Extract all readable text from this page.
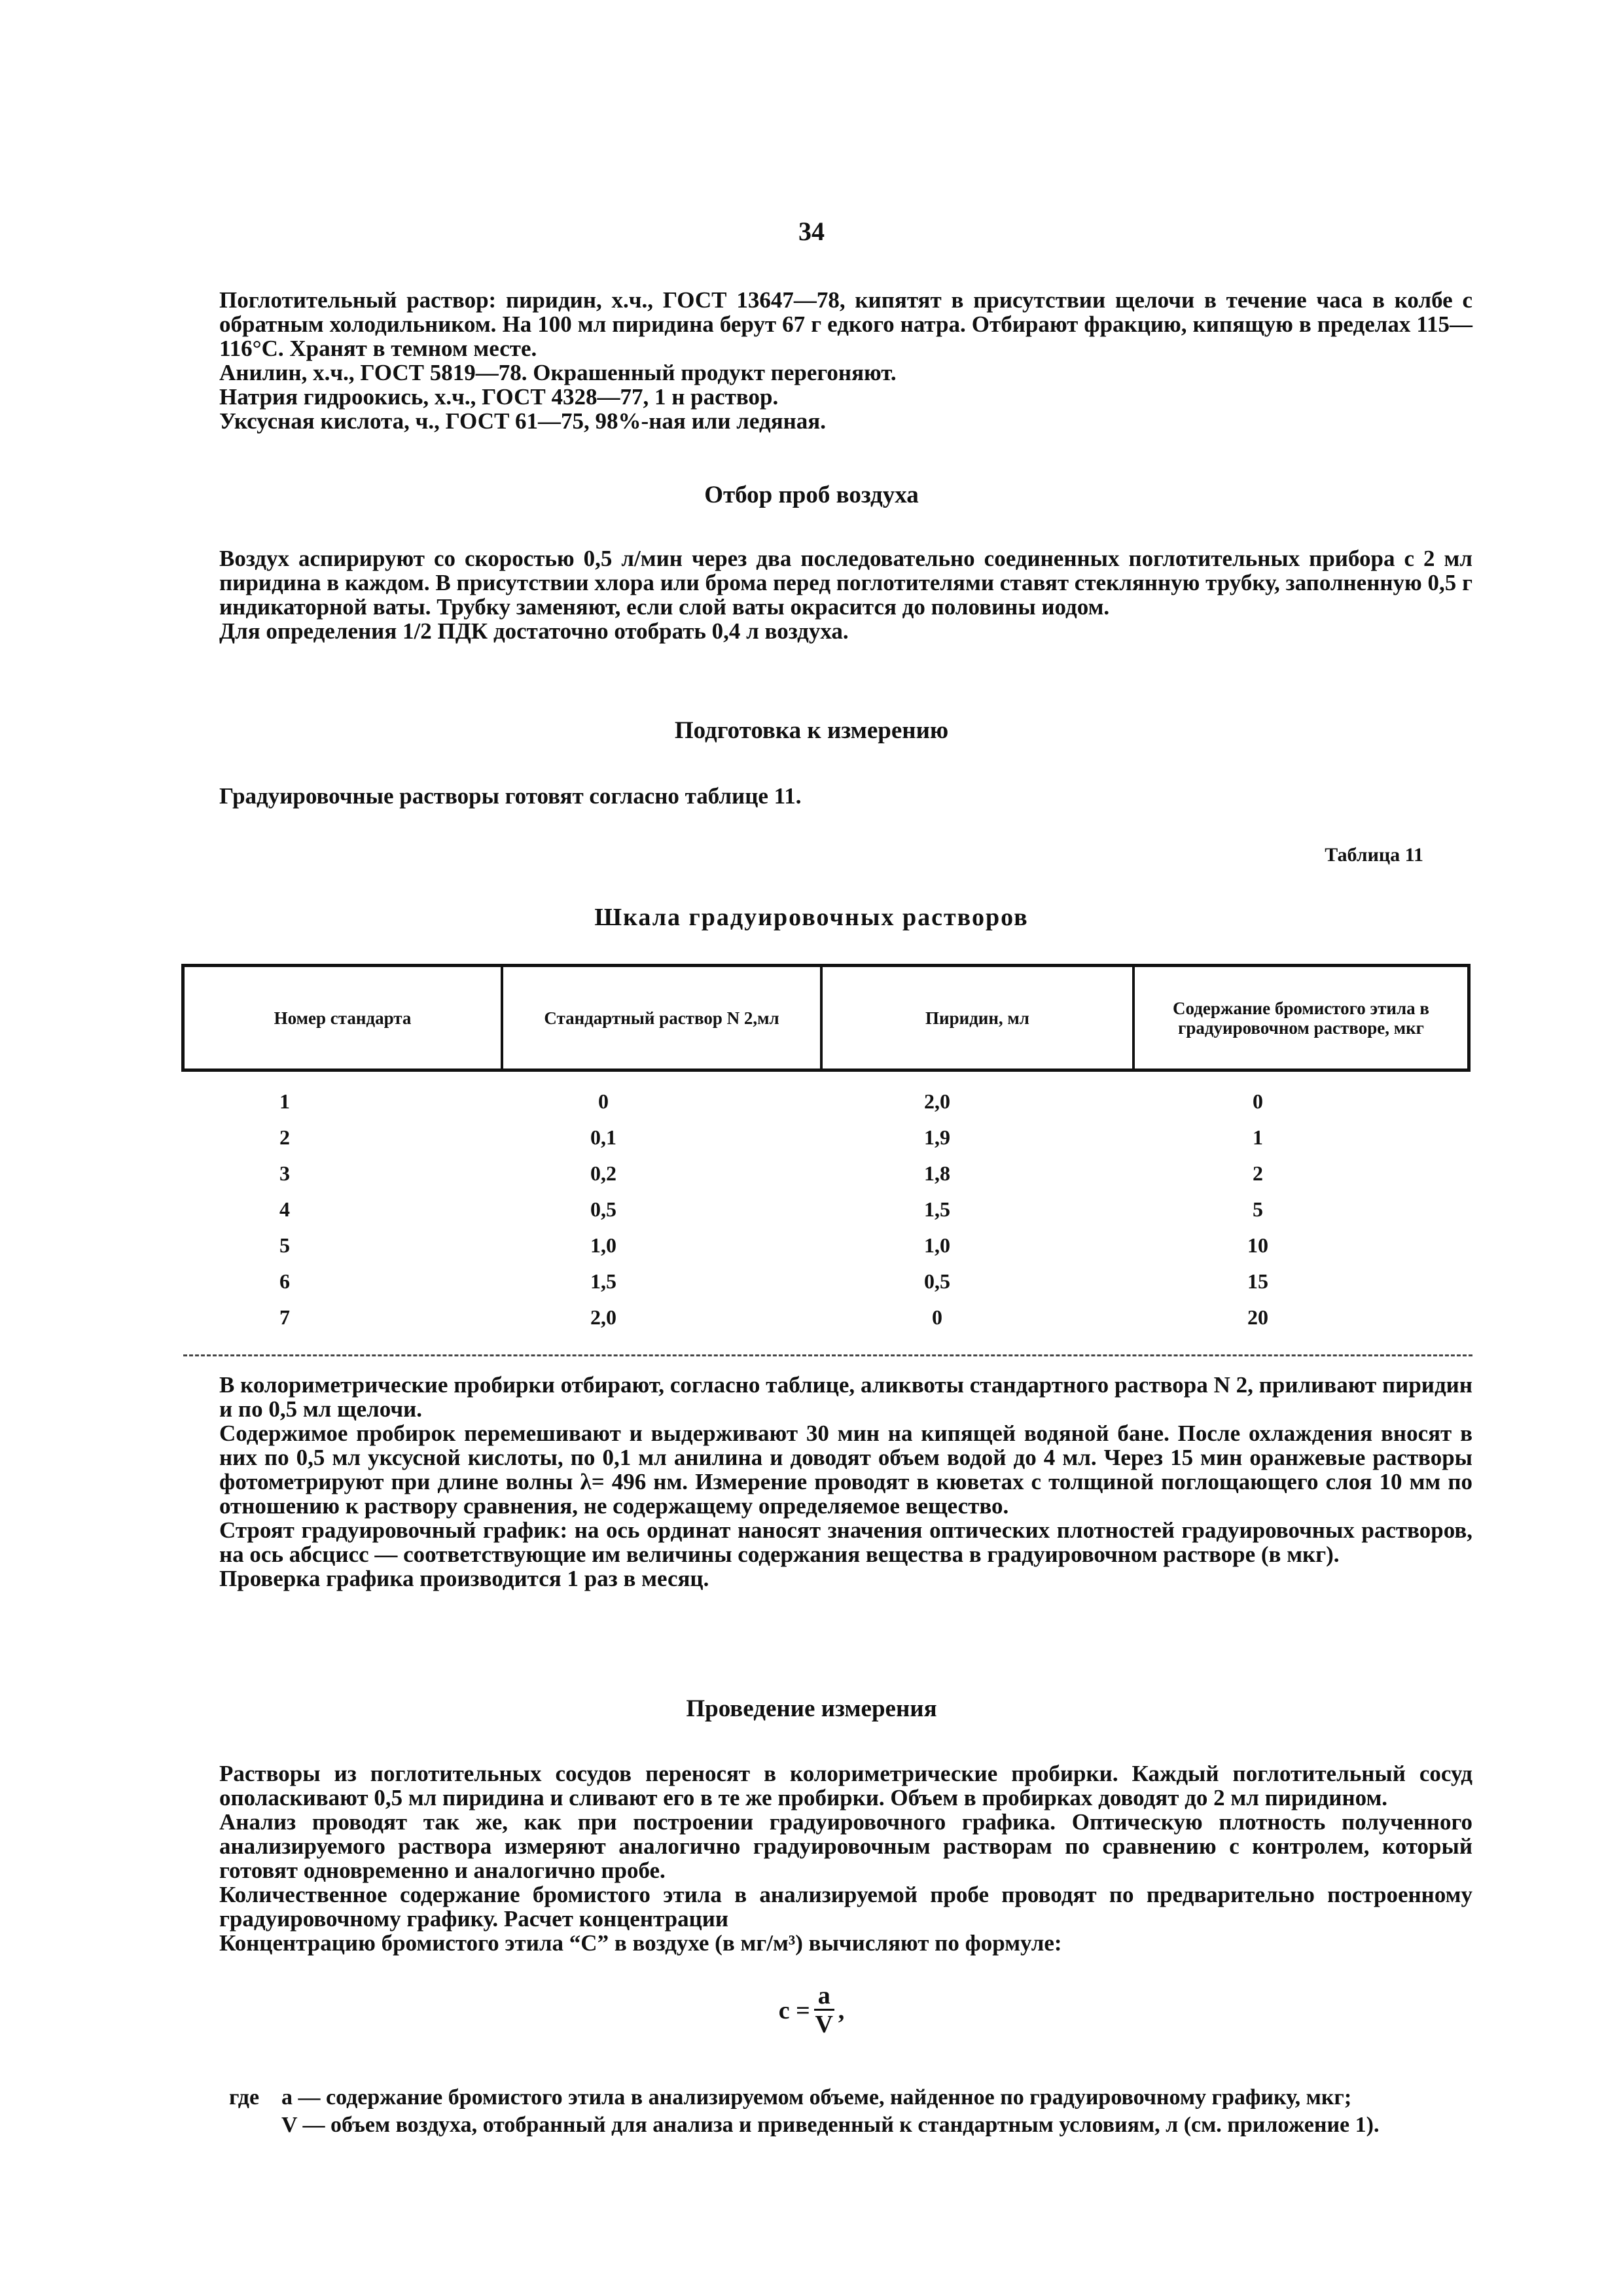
34

Поглотительный раствор: пиридин, х.ч., ГОСТ 13647—78, кипятят в присутствии щелочи в течение часа в колбе с обратным холодильником. На 100 мл пиридина берут 67 г едкого натра. Отбирают фракцию, кипящую в пределах 115—116°С. Хранят в темном месте.

Анилин, х.ч., ГОСТ 5819—78. Окрашенный продукт перегоняют.

Натрия гидроокись, х.ч., ГОСТ 4328—77, 1 н раствор.

Уксусная кислота, ч., ГОСТ 61—75, 98%-ная или ледяная.

Отбор проб воздуха

Воздух аспирируют со скоростью 0,5 л/мин через два последовательно соединенных поглотительных прибора с 2 мл пиридина в каждом. В присутствии хлора или брома перед поглотителями ставят стеклянную трубку, заполненную 0,5 г индикаторной ваты. Трубку заменяют, если слой ваты окрасится до половины иодом.

Для определения 1/2 ПДК достаточно отобрать 0,4 л воздуха.

Подготовка к измерению

Градуировочные растворы готовят согласно таблице 11.

Таблица 11
Шкала градуировочных растворов
Номер стандарта	Стандартный раствор N 2,мл	Пиридин, мл	Содержание бромистого этила в градуировочном растворе, мкг
1	0	2,0	0
2	0,1	1,9	1
3	0,2	1,8	2
4	0,5	1,5	5
5	1,0	1,0	10
6	1,5	0,5	15
7	2,0	0	20

В колориметрические пробирки отбирают, согласно таблице, аликвоты стандартного раствора N 2, приливают пиридин и по 0,5 мл щелочи.

Содержимое пробирок перемешивают и выдерживают 30 мин на кипящей водяной бане. После охлаждения вносят в них по 0,5 мл уксусной кислоты, по 0,1 мл анилина и доводят объем водой до 4 мл. Через 15 мин оранжевые растворы фотометрируют при длине волны λ= 496 нм. Измерение проводят в кюветах с толщиной поглощающего слоя 10 мм по отношению к раствору сравнения, не содержащему определяемое вещество.

Строят градуировочный график: на ось ординат наносят значения оптических плотностей градуировочных растворов, на ось абсцисс — соответствующие им величины содержания вещества в градуировочном растворе (в мкг).

Проверка графика производится 1 раз в месяц.

Проведение измерения

Растворы из поглотительных сосудов переносят в колориметрические пробирки. Каждый поглотительный сосуд ополаскивают 0,5 мл пиридина и сливают его в те же пробирки. Объем в пробирках доводят до 2 мл пиридином.

Анализ проводят так же, как при построении градуировочного графика. Оптическую плотность полученного анализируемого раствора измеряют аналогично градуировочным растворам по сравнению с контролем, который готовят одновременно и аналогично пробе.

Количественное содержание бромистого этила в анализируемой пробе проводят по предварительно построенному градуировочному графику. Расчет концентрации

Концентрацию бромистого этила “С” в воздухе (в мг/м³) вычисляют по формуле:

$с = \frac{a}{V}$ ,
где а — содержание бромистого этила в анализируемом объеме, найденное по градуировочному графику, мкг;
V — объем воздуха, отобранный для анализа и приведенный к стандартным условиям, л (см. приложение 1).
